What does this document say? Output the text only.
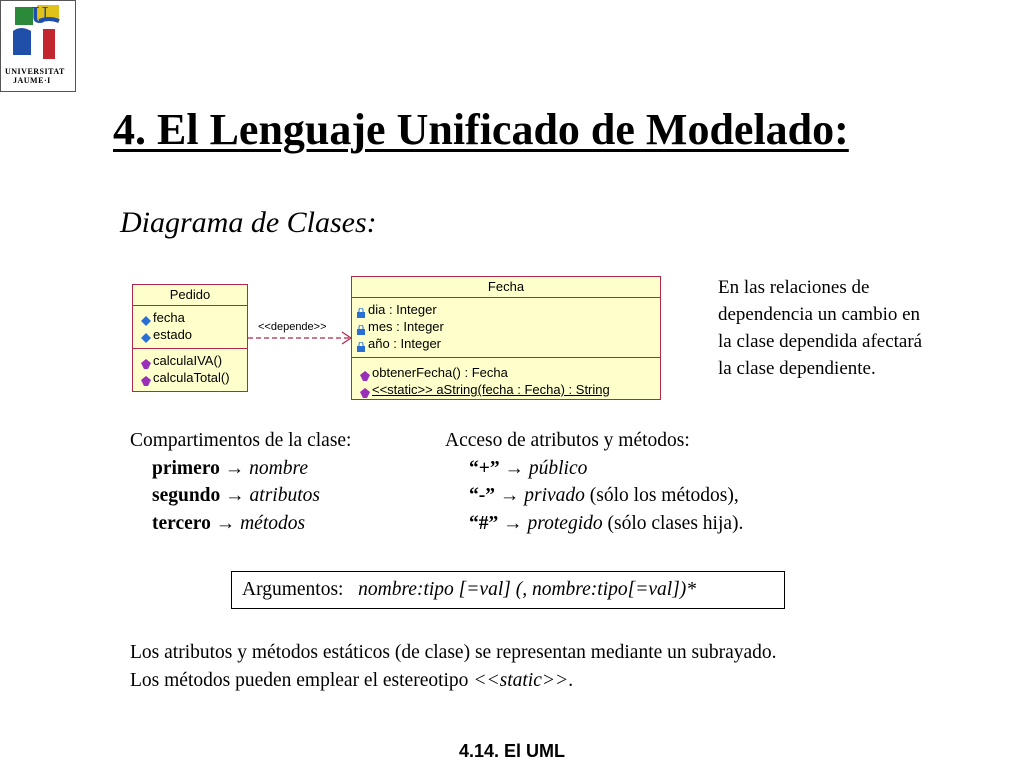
U
UNIVERSITAT
JAUME·I
4. El Lenguaje Unificado de Modelado:
Diagrama de Clases:
Pedido
fecha
estado
calculaIVA()
calculaTotal()
<<depende>>
Fecha
dia : Integer
mes : Integer
año : Integer
obtenerFecha() : Fecha
<<static>> aString(fecha : Fecha) : String
En las relaciones de dependencia un cambio en la clase dependida afectará la clase dependiente.
Compartimentos de la clase:
primero → nombre
segundo → atributos
tercero → métodos
Acceso de atributos y métodos:
“+” → público
“-” → privado (sólo los métodos),
“#” → protegido (sólo clases hija).
Argumentos: nombre:tipo [=val] (, nombre:tipo[=val])*
Los atributos y métodos estáticos (de clase) se representan mediante un subrayado.
Los métodos pueden emplear el estereotipo <<static>>.
4.14. El UML
